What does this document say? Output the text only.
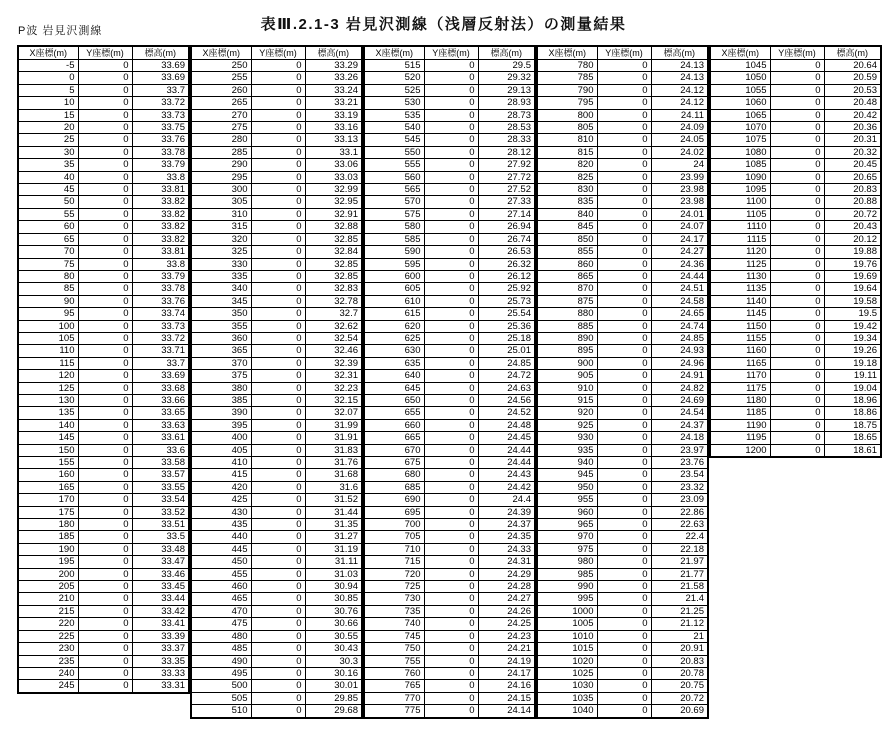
P波 岩見沢測線	表Ⅲ.2.1-3 岩見沢測線（浅層反射法）の測量結果
X座標(m)	Y座標(m)	標高(m)
-5	0	33.69
0	0	33.69
5	0	33.7
10	0	33.72
15	0	33.73
20	0	33.75
25	0	33.76
30	0	33.78
35	0	33.79
40	0	33.8
45	0	33.81
50	0	33.82
55	0	33.82
60	0	33.82
65	0	33.82
70	0	33.81
75	0	33.8
80	0	33.79
85	0	33.78
90	0	33.76
95	0	33.74
100	0	33.73
105	0	33.72
110	0	33.71
115	0	33.7
120	0	33.69
125	0	33.68
130	0	33.66
135	0	33.65
140	0	33.63
145	0	33.61
150	0	33.6
155	0	33.58
160	0	33.57
165	0	33.55
170	0	33.54
175	0	33.52
180	0	33.51
185	0	33.5
190	0	33.48
195	0	33.47
200	0	33.46
205	0	33.45
210	0	33.44
215	0	33.42
220	0	33.41
225	0	33.39
230	0	33.37
235	0	33.35
240	0	33.33
245	0	33.31
X座標(m)	Y座標(m)	標高(m)
250	0	33.29
255	0	33.26
260	0	33.24
265	0	33.21
270	0	33.19
275	0	33.16
280	0	33.13
285	0	33.1
290	0	33.06
295	0	33.03
300	0	32.99
305	0	32.95
310	0	32.91
315	0	32.88
320	0	32.85
325	0	32.84
330	0	32.85
335	0	32.85
340	0	32.83
345	0	32.78
350	0	32.7
355	0	32.62
360	0	32.54
365	0	32.46
370	0	32.39
375	0	32.31
380	0	32.23
385	0	32.15
390	0	32.07
395	0	31.99
400	0	31.91
405	0	31.83
410	0	31.76
415	0	31.68
420	0	31.6
425	0	31.52
430	0	31.44
435	0	31.35
440	0	31.27
445	0	31.19
450	0	31.11
455	0	31.03
460	0	30.94
465	0	30.85
470	0	30.76
475	0	30.66
480	0	30.55
485	0	30.43
490	0	30.3
495	0	30.16
500	0	30.01
505	0	29.85
510	0	29.68
X座標(m)	Y座標(m)	標高(m)
515	0	29.5
520	0	29.32
525	0	29.13
530	0	28.93
535	0	28.73
540	0	28.53
545	0	28.33
550	0	28.12
555	0	27.92
560	0	27.72
565	0	27.52
570	0	27.33
575	0	27.14
580	0	26.94
585	0	26.74
590	0	26.53
595	0	26.32
600	0	26.12
605	0	25.92
610	0	25.73
615	0	25.54
620	0	25.36
625	0	25.18
630	0	25.01
635	0	24.85
640	0	24.72
645	0	24.63
650	0	24.56
655	0	24.52
660	0	24.48
665	0	24.45
670	0	24.44
675	0	24.44
680	0	24.43
685	0	24.42
690	0	24.4
695	0	24.39
700	0	24.37
705	0	24.35
710	0	24.33
715	0	24.31
720	0	24.29
725	0	24.28
730	0	24.27
735	0	24.26
740	0	24.25
745	0	24.23
750	0	24.21
755	0	24.19
760	0	24.17
765	0	24.16
770	0	24.15
775	0	24.14
X座標(m)	Y座標(m)	標高(m)
780	0	24.13
785	0	24.13
790	0	24.12
795	0	24.12
800	0	24.11
805	0	24.09
810	0	24.05
815	0	24.02
820	0	24
825	0	23.99
830	0	23.98
835	0	23.98
840	0	24.01
845	0	24.07
850	0	24.17
855	0	24.27
860	0	24.36
865	0	24.44
870	0	24.51
875	0	24.58
880	0	24.65
885	0	24.74
890	0	24.85
895	0	24.93
900	0	24.96
905	0	24.91
910	0	24.82
915	0	24.69
920	0	24.54
925	0	24.37
930	0	24.18
935	0	23.97
940	0	23.76
945	0	23.54
950	0	23.32
955	0	23.09
960	0	22.86
965	0	22.63
970	0	22.4
975	0	22.18
980	0	21.97
985	0	21.77
990	0	21.58
995	0	21.4
1000	0	21.25
1005	0	21.12
1010	0	21
1015	0	20.91
1020	0	20.83
1025	0	20.78
1030	0	20.75
1035	0	20.72
1040	0	20.69
X座標(m)	Y座標(m)	標高(m)
1045	0	20.64
1050	0	20.59
1055	0	20.53
1060	0	20.48
1065	0	20.42
1070	0	20.36
1075	0	20.31
1080	0	20.32
1085	0	20.45
1090	0	20.65
1095	0	20.83
1100	0	20.88
1105	0	20.72
1110	0	20.43
1115	0	20.12
1120	0	19.88
1125	0	19.76
1130	0	19.69
1135	0	19.64
1140	0	19.58
1145	0	19.5
1150	0	19.42
1155	0	19.34
1160	0	19.26
1165	0	19.18
1170	0	19.11
1175	0	19.04
1180	0	18.96
1185	0	18.86
1190	0	18.75
1195	0	18.65
1200	0	18.61
